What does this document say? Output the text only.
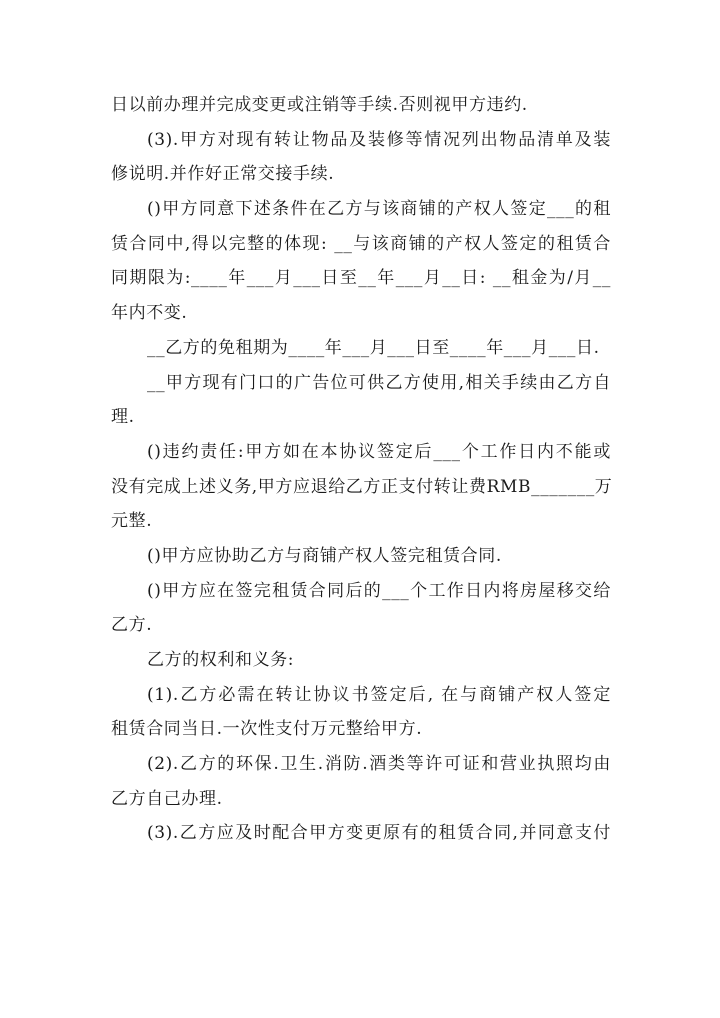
日以前办理并完成变更或注销等手续.否则视甲方违约.
(3).甲方对现有转让物品及装修等情况列出物品清单及装
修说明.并作好正常交接手续.
()甲方同意下述条件在乙方与该商铺的产权人签定___的租
赁合同中,得以完整的体现: __与该商铺的产权人签定的租赁合
同期限为:____年___月___日至__年___月__日: __租金为/月__
年内不变.
__乙方的免租期为____年___月___日至____年___月___日.
__甲方现有门口的广告位可供乙方使用,相关手续由乙方自
理.
()违约责任:甲方如在本协议签定后___个工作日内不能或
没有完成上述义务,甲方应退给乙方正支付转让费RMB_______万
元整.
()甲方应协助乙方与商铺产权人签完租赁合同.
()甲方应在签完租赁合同后的___个工作日内将房屋移交给
乙方.
乙方的权利和义务:
(1).乙方必需在转让协议书签定后, 在与商铺产权人签定
租赁合同当日.一次性支付万元整给甲方.
(2).乙方的环保.卫生.消防.酒类等许可证和营业执照均由
乙方自己办理.
(3).乙方应及时配合甲方变更原有的租赁合同,并同意支付
